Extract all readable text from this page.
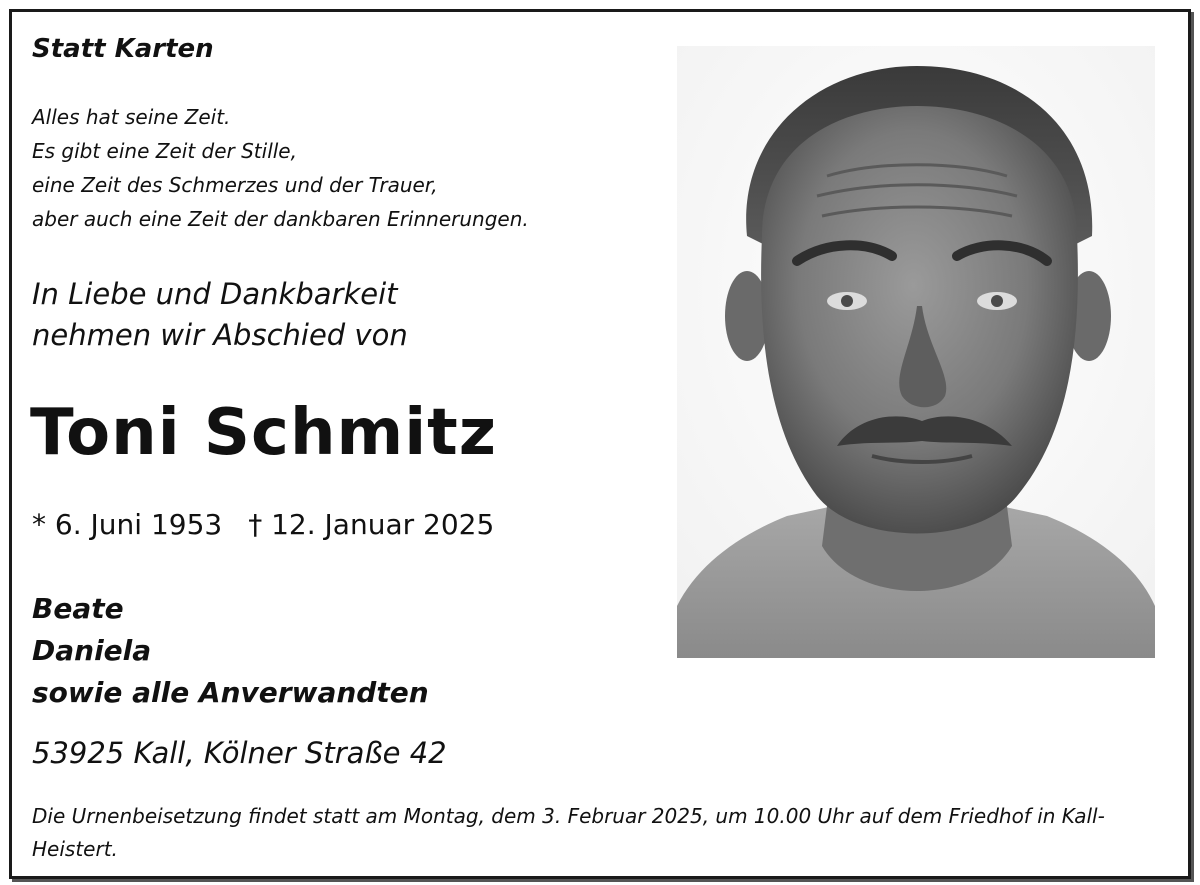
Statt Karten

Alles hat seine Zeit.
Es gibt eine Zeit der Stille,
eine Zeit des Schmerzes und der Trauer,
aber auch eine Zeit der dankbaren Erinnerungen.
In Liebe und Dankbarkeit
nehmen wir Abschied von
Toni Schmitz

* 6. Juni 1953 † 12. Januar 2025

Beate
Daniela
sowie alle Anverwandten

53925 Kall, Kölner Straße 42

Die Urnenbeisetzung findet statt am Montag, dem 3. Februar 2025, um 10.00 Uhr auf dem Friedhof in Kall-Heistert.
